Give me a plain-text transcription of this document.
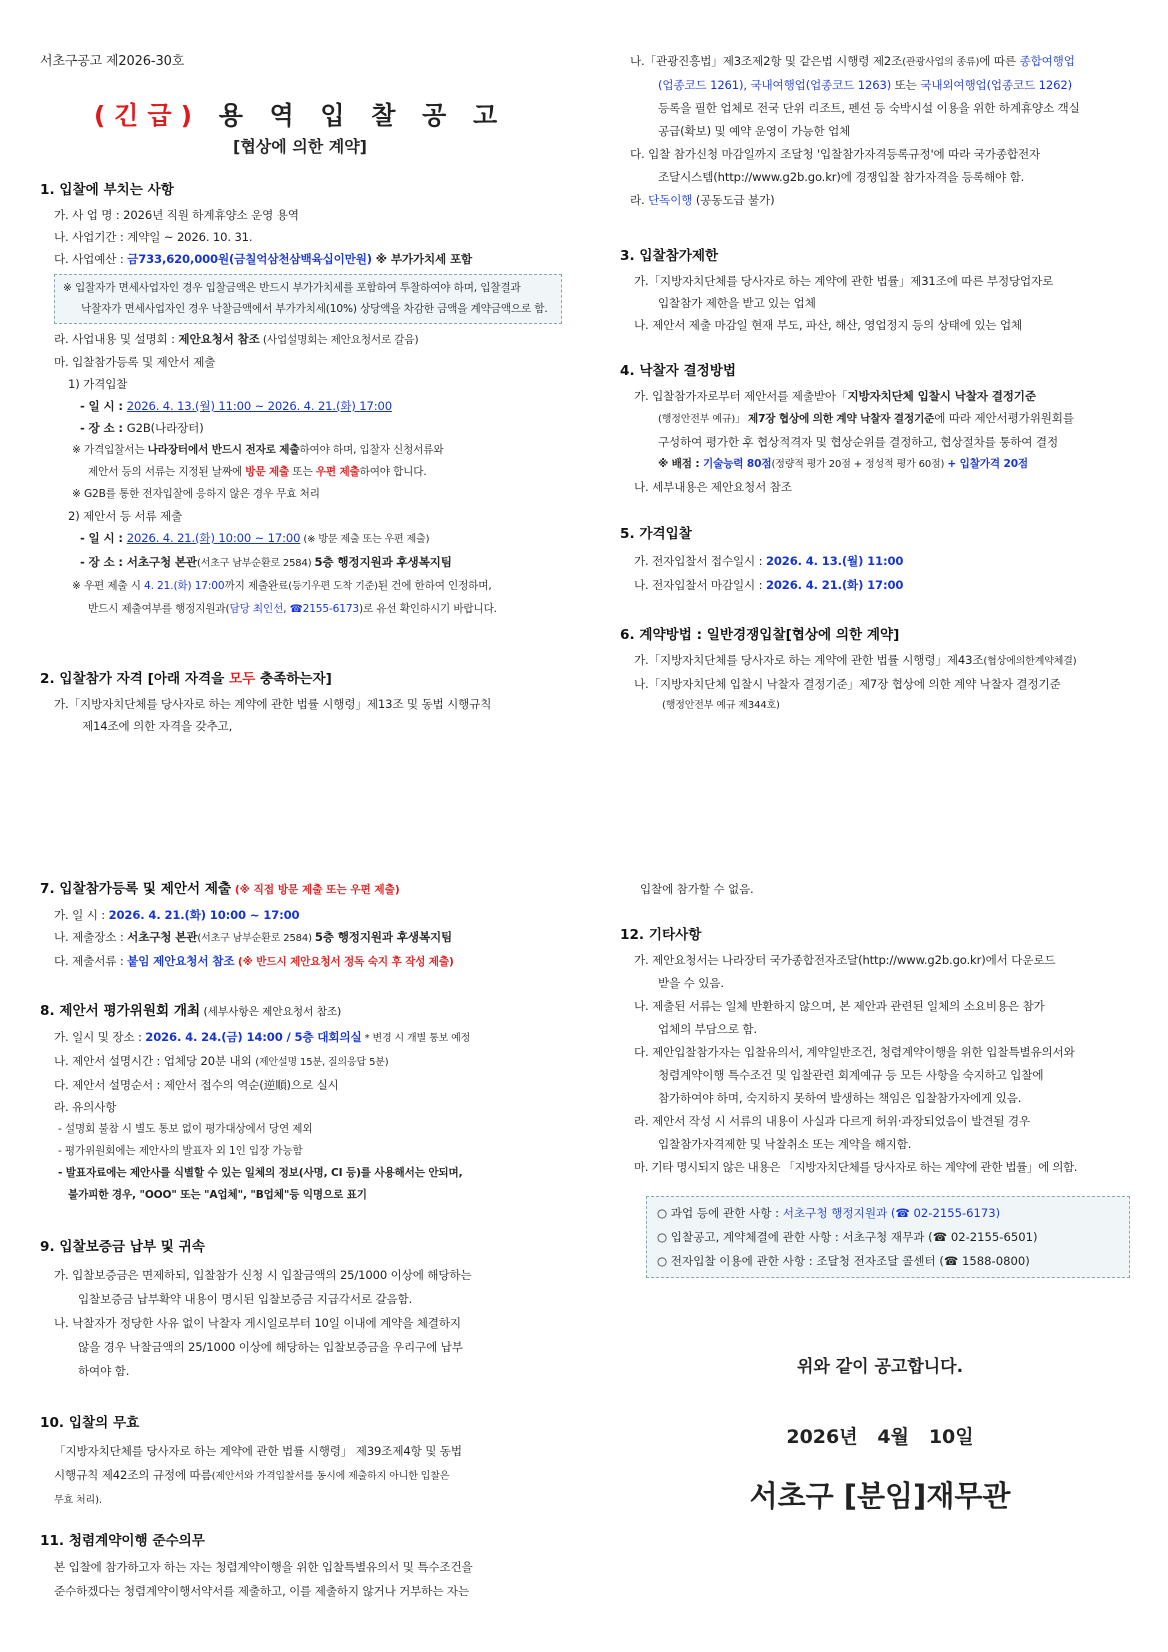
서초구공고 제2026-30호
(긴급) 용 역 입 찰 공 고
[협상에 의한 계약]

1. 입찰에 부치는 사항

가. 사 업 명 : 2026년 직원 하계휴양소 운영 용역

나. 사업기간 : 계약일 ~ 2026. 10. 31.

다. 사업예산 : 금733,620,000원(금칠억삼천삼백육십이만원) ※ 부가가치세 포함

※ 입찰자가 면세사업자인 경우 입찰금액은 반드시 부가가치세를 포함하여 투찰하여야 하며, 입찰결과

낙찰자가 면세사업자인 경우 낙찰금액에서 부가가치세(10%) 상당액을 차감한 금액을 계약금액으로 함.

라. 사업내용 및 설명회 : 제안요청서 참조 (사업설명회는 제안요청서로 갈음)

마. 입찰참가등록 및 제안서 제출

1) 가격입찰

- 일 시 : 2026. 4. 13.(월) 11:00 ~ 2026. 4. 21.(화) 17:00

- 장 소 : G2B(나라장터)

※ 가격입찰서는 나라장터에서 반드시 전자로 제출하여야 하며, 입찰자 신청서류와

제안서 등의 서류는 지정된 날짜에 방문 제출 또는 우편 제출하여야 합니다.

※ G2B를 통한 전자입찰에 응하지 않은 경우 무효 처리

2) 제안서 등 서류 제출

- 일 시 : 2026. 4. 21.(화) 10:00 ~ 17:00 (※ 방문 제출 또는 우편 제출)

- 장 소 : 서초구청 본관(서초구 남부순환로 2584) 5층 행정지원과 후생복지팀

※ 우편 제출 시 4. 21.(화) 17:00까지 제출완료(등기우편 도착 기준)된 건에 한하여 인정하며,

반드시 제출여부를 행정지원과(담당 최인선, ☎2155-6173)로 유선 확인하시기 바랍니다.

2. 입찰참가 자격 [아래 자격을 모두 충족하는자]

가.「지방자치단체를 당사자로 하는 계약에 관한 법률 시행령」제13조 및 동법 시행규칙

제14조에 의한 자격을 갖추고,

나.「관광진흥법」제3조제2항 및 같은법 시행령 제2조(관광사업의 종류)에 따른 종합여행업

(업종코드 1261), 국내여행업(업종코드 1263) 또는 국내외여행업(업종코드 1262)

등록을 필한 업체로 전국 단위 리조트, 펜션 등 숙박시설 이용을 위한 하계휴양소 객실

공급(확보) 및 예약 운영이 가능한 업체

다. 입찰 참가신청 마감일까지 조달청 '입찰참가자격등록규정'에 따라 국가종합전자

조달시스템(http://www.g2b.go.kr)에 경쟁입찰 참가자격을 등록해야 함.

라. 단독이행 (공동도급 불가)

3. 입찰참가제한

가.「지방자치단체를 당사자로 하는 계약에 관한 법률」제31조에 따른 부정당업자로

입찰참가 제한을 받고 있는 업체

나. 제안서 제출 마감일 현재 부도, 파산, 해산, 영업정지 등의 상태에 있는 업체

4. 낙찰자 결정방법

가. 입찰참가자로부터 제안서를 제출받아「지방자치단체 입찰시 낙찰자 결정기준

(행정안전부 예규)」 제7장 협상에 의한 계약 낙찰자 결정기준에 따라 제안서평가위원회를

구성하여 평가한 후 협상적격자 및 협상순위를 결정하고, 협상절차를 통하여 결정

※ 배점 : 기술능력 80점(정량적 평가 20점 + 정성적 평가 60점) + 입찰가격 20점

나. 세부내용은 제안요청서 참조

5. 가격입찰

가. 전자입찰서 접수일시 : 2026. 4. 13.(월) 11:00

나. 전자입찰서 마감일시 : 2026. 4. 21.(화) 17:00

6. 계약방법 : 일반경쟁입찰[협상에 의한 계약]

가.「지방자치단체를 당사자로 하는 계약에 관한 법률 시행령」제43조(협상에의한계약체결)

나.「지방자치단체 입찰시 낙찰자 결정기준」제7장 협상에 의한 계약 낙찰자 결정기준

(행정안전부 예규 제344호)

7. 입찰참가등록 및 제안서 제출 (※ 직접 방문 제출 또는 우편 제출)

가. 일 시 : 2026. 4. 21.(화) 10:00 ~ 17:00

나. 제출장소 : 서초구청 본관(서초구 남부순환로 2584) 5층 행정지원과 후생복지팀

다. 제출서류 : 붙임 제안요청서 참조 (※ 반드시 제안요청서 정독 숙지 후 작성 제출)

8. 제안서 평가위원회 개최 (세부사항은 제안요청서 참조)

가. 일시 및 장소 : 2026. 4. 24.(금) 14:00 / 5층 대회의실 * 변경 시 개별 통보 예정

나. 제안서 설명시간 : 업체당 20분 내외 (제안설명 15분, 질의응답 5분)

다. 제안서 설명순서 : 제안서 접수의 역순(逆順)으로 실시

라. 유의사항

- 설명회 불참 시 별도 통보 없이 평가대상에서 당연 제외

- 평가위원회에는 제안사의 발표자 외 1인 입장 가능함

- 발표자료에는 제안사를 식별할 수 있는 일체의 정보(사명, CI 등)를 사용해서는 안되며,

불가피한 경우, "OOO" 또는 "A업체", "B업체"등 익명으로 표기

9. 입찰보증금 납부 및 귀속

가. 입찰보증금은 면제하되, 입찰참가 신청 시 입찰금액의 25/1000 이상에 해당하는

입찰보증금 납부확약 내용이 명시된 입찰보증금 지급각서로 갈음함.

나. 낙찰자가 정당한 사유 없이 낙찰자 게시일로부터 10일 이내에 계약을 체결하지

않을 경우 낙찰금액의 25/1000 이상에 해당하는 입찰보증금을 우리구에 납부

하여야 함.

10. 입찰의 무효

「지방자치단체를 당사자로 하는 계약에 관한 법률 시행령」 제39조제4항 및 동법

시행규칙 제42조의 규정에 따름(제안서와 가격입찰서를 동시에 제출하지 아니한 입찰은

무효 처리).

11. 청렴계약이행 준수의무

본 입찰에 참가하고자 하는 자는 청렴계약이행을 위한 입찰특별유의서 및 특수조건을

준수하겠다는 청렴계약이행서약서를 제출하고, 이를 제출하지 않거나 거부하는 자는

입찰에 참가할 수 없음.

12. 기타사항

가. 제안요청서는 나라장터 국가종합전자조달(http://www.g2b.go.kr)에서 다운로드

받을 수 있음.

나. 제출된 서류는 일체 반환하지 않으며, 본 제안과 관련된 일체의 소요비용은 참가

업체의 부담으로 함.

다. 제안입찰참가자는 입찰유의서, 계약일반조건, 청렴계약이행을 위한 입찰특별유의서와

청렴계약이행 특수조건 및 입찰관련 회계예규 등 모든 사항을 숙지하고 입찰에

참가하여야 하며, 숙지하지 못하여 발생하는 책임은 입찰참가자에게 있음.

라. 제안서 작성 시 서류의 내용이 사실과 다르게 허위·과장되었음이 발견될 경우

입찰참가자격제한 및 낙찰취소 또는 계약을 해지함.

마. 기타 명시되지 않은 내용은 「지방자치단체를 당사자로 하는 계약에 관한 법률」에 의함.

○ 과업 등에 관한 사항 : 서초구청 행정지원과 (☎ 02-2155-6173)

○ 입찰공고, 계약체결에 관한 사항 : 서초구청 재무과 (☎ 02-2155-6501)

○ 전자입찰 이용에 관한 사항 : 조달청 전자조달 콜센터 (☎ 1588-0800)

위와 같이 공고합니다.
2026년   4월   10일
서초구 [분임]재무관
